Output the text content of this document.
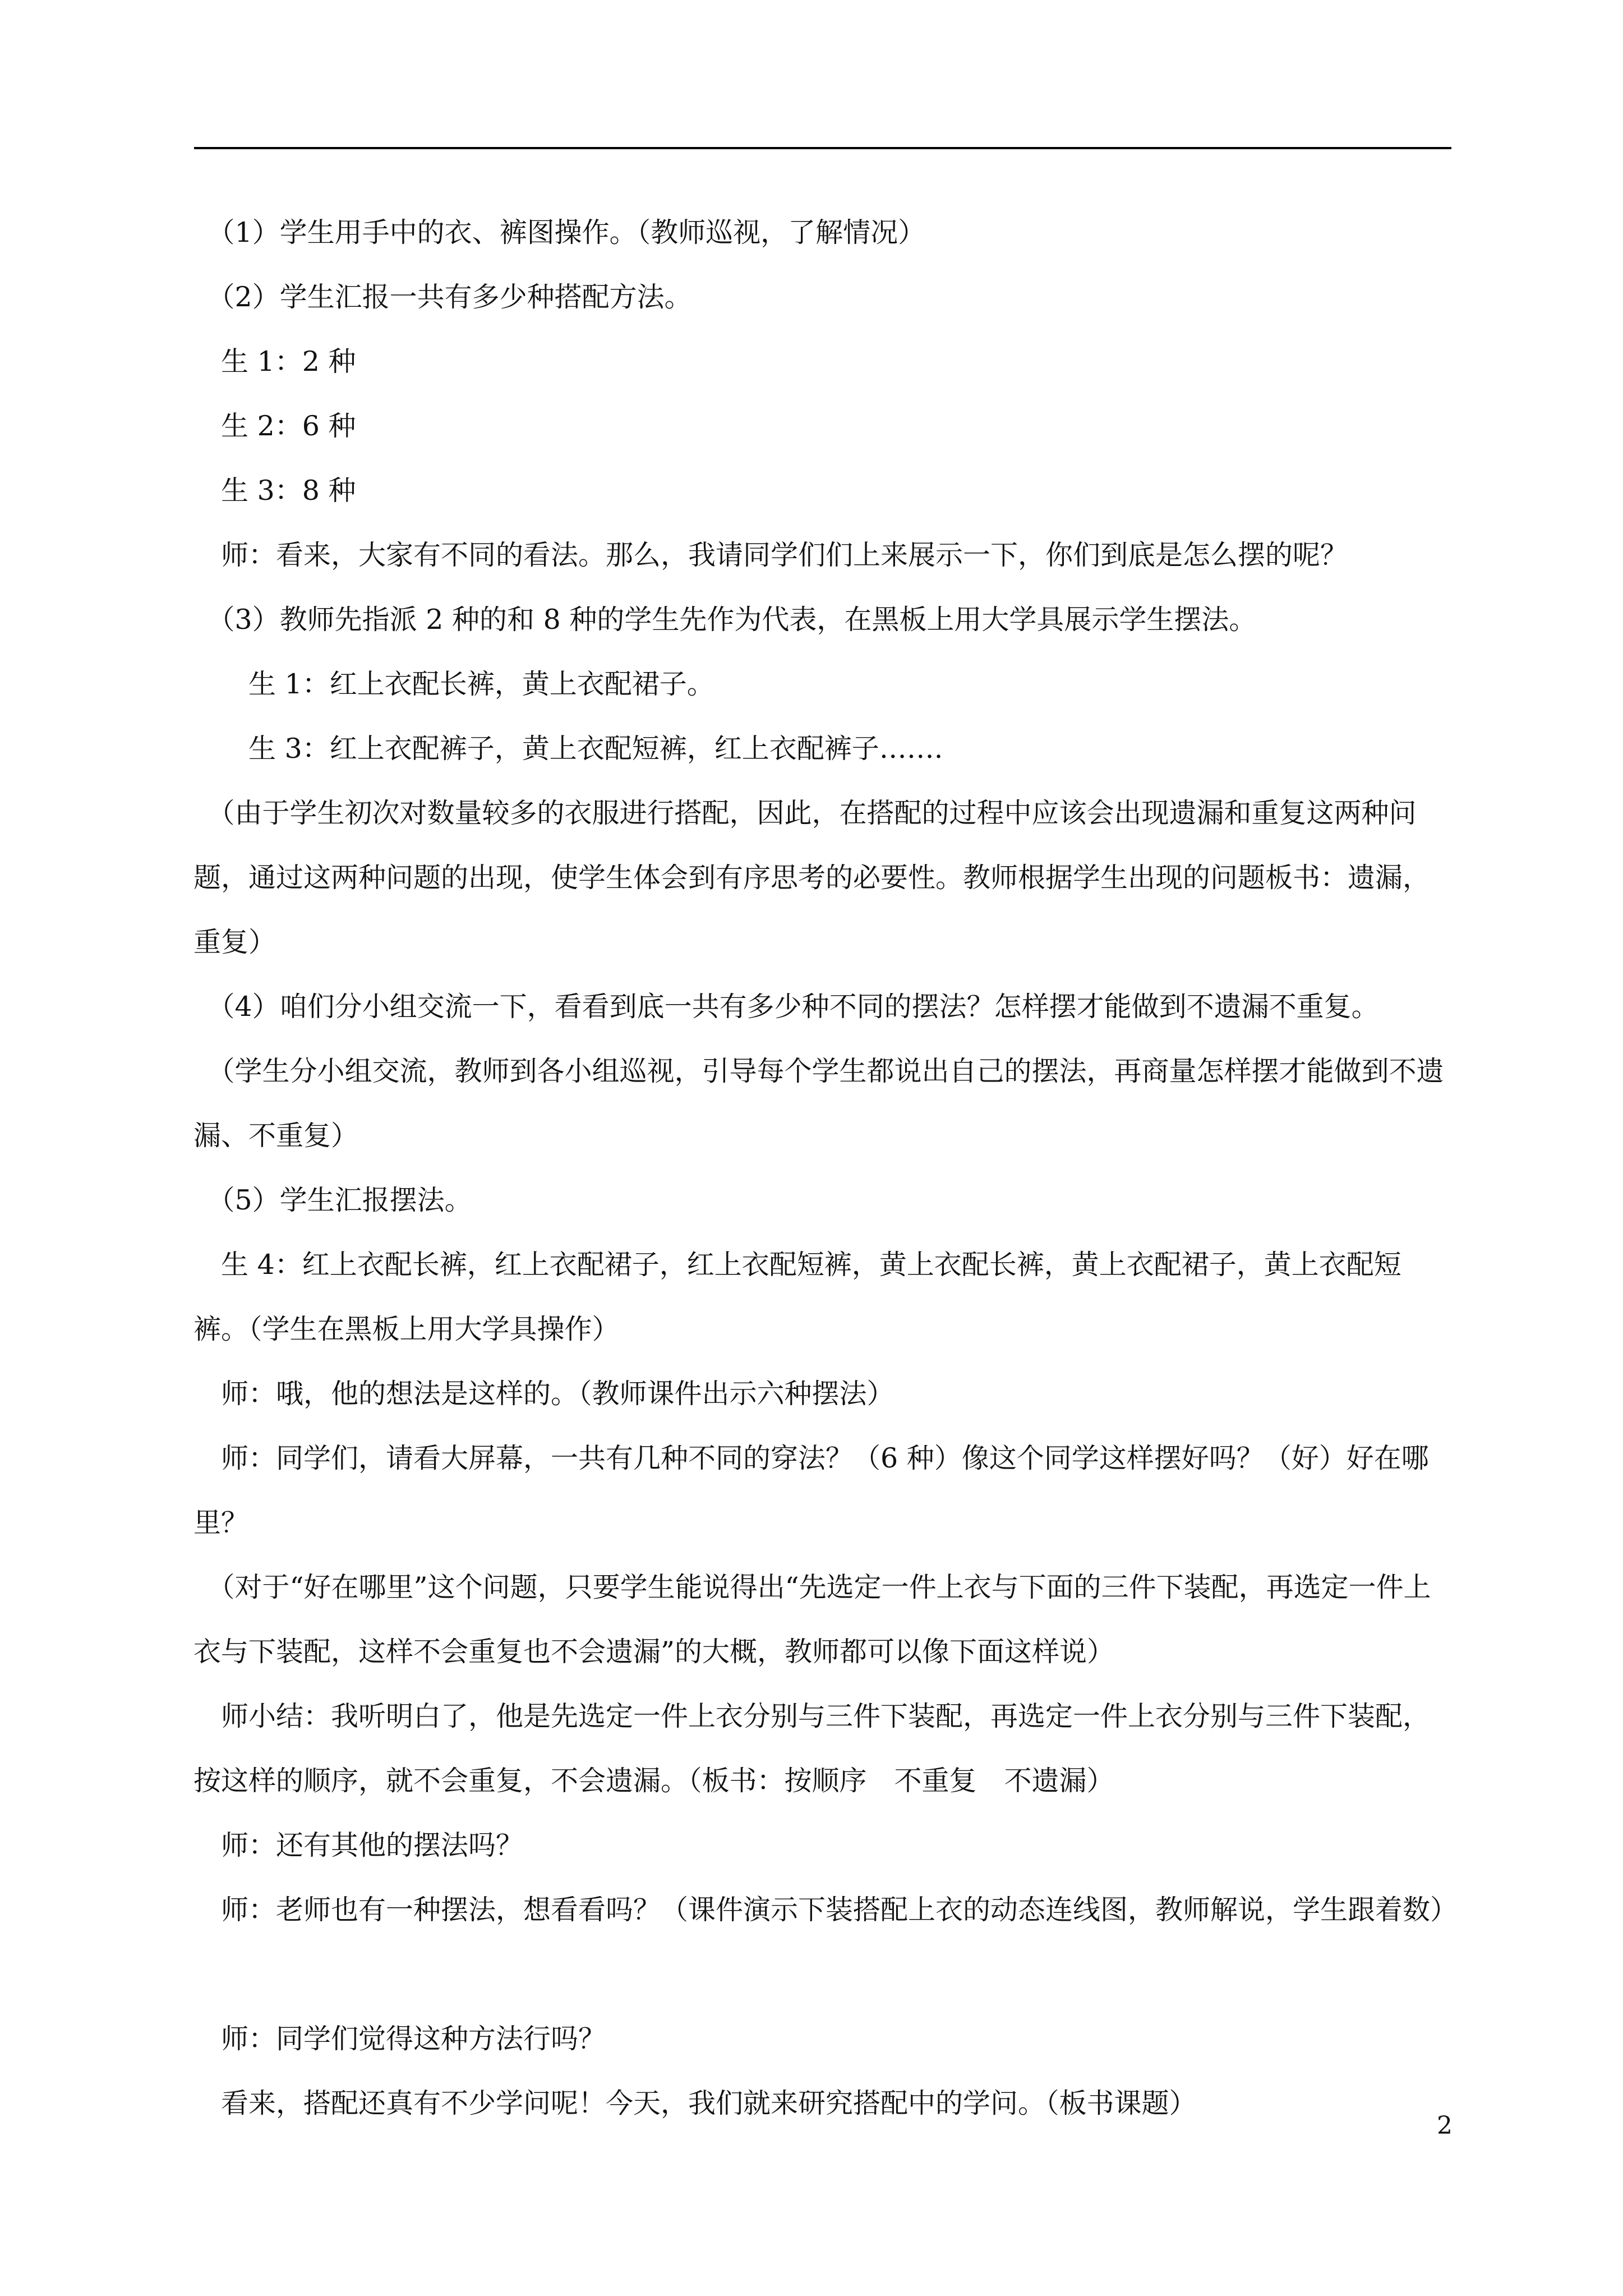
　（1）学生用手中的衣、裤图操作。（教师巡视，了解情况）

　（2）学生汇报一共有多少种搭配方法。

　生 1：2 种

　生 2：6 种

　生 3：8 种

　师：看来，大家有不同的看法。那么，我请同学们们上来展示一下，你们到底是怎么摆的呢？

　（3）教师先指派 2 种的和 8 种的学生先作为代表，在黑板上用大学具展示学生摆法。

　　生 1：红上衣配长裤，黄上衣配裙子。

　　生 3：红上衣配裤子，黄上衣配短裤，红上衣配裤子…….

　（由于学生初次对数量较多的衣服进行搭配，因此，在搭配的过程中应该会出现遗漏和重复这两种问题，通过这两种问题的出现，使学生体会到有序思考的必要性。教师根据学生出现的问题板书：遗漏，重复）

　（4）咱们分小组交流一下，看看到底一共有多少种不同的摆法？怎样摆才能做到不遗漏不重复。

　（学生分小组交流，教师到各小组巡视，引导每个学生都说出自己的摆法，再商量怎样摆才能做到不遗漏、不重复）

　（5）学生汇报摆法。

　生 4：红上衣配长裤，红上衣配裙子，红上衣配短裤，黄上衣配长裤，黄上衣配裙子，黄上衣配短裤。（学生在黑板上用大学具操作）

　师：哦，他的想法是这样的。（教师课件出示六种摆法）

　师：同学们，请看大屏幕，一共有几种不同的穿法？（6 种）像这个同学这样摆好吗？（好）好在哪里？

　（对于“好在哪里”这个问题，只要学生能说得出“先选定一件上衣与下面的三件下装配，再选定一件上衣与下装配，这样不会重复也不会遗漏”的大概，教师都可以像下面这样说）

　师小结：我听明白了，他是先选定一件上衣分别与三件下装配，再选定一件上衣分别与三件下装配，按这样的顺序，就不会重复，不会遗漏。（板书：按顺序　不重复　不遗漏）

　师：还有其他的摆法吗？

　师：老师也有一种摆法，想看看吗？（课件演示下装搭配上衣的动态连线图，教师解说，学生跟着数）

　师：同学们觉得这种方法行吗？

　看来，搭配还真有不少学问呢！今天，我们就来研究搭配中的学问。（板书课题）

2
